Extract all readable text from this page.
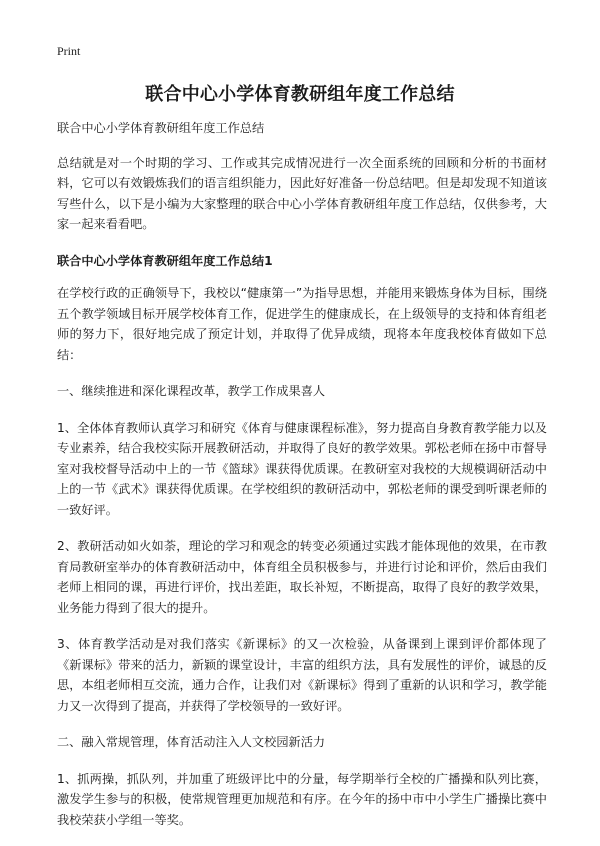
Print

联合中心小学体育教研组年度工作总结

联合中心小学体育教研组年度工作总结

总结就是对一个时期的学习、工作或其完成情况进行一次全面系统的回顾和分析的书面材料，它可以有效锻炼我们的语言组织能力，因此好好准备一份总结吧。但是却发现不知道该写些什么，以下是小编为大家整理的联合中心小学体育教研组年度工作总结，仅供参考，大家一起来看看吧。

联合中心小学体育教研组年度工作总结1

在学校行政的正确领导下，我校以“健康第一”为指导思想，并能用来锻炼身体为目标，围绕五个教学领域目标开展学校体育工作，促进学生的健康成长，在上级领导的支持和体育组老师的努力下，很好地完成了预定计划，并取得了优异成绩，现将本年度我校体育做如下总结：

一、继续推进和深化课程改革，教学工作成果喜人

1、全体体育教师认真学习和研究《体育与健康课程标准》，努力提高自身教育教学能力以及专业素养，结合我校实际开展教研活动，并取得了良好的教学效果。郭松老师在扬中市督导室对我校督导活动中上的一节《篮球》课获得优质课。在教研室对我校的大规模调研活动中上的一节《武术》课获得优质课。在学校组织的教研活动中，郭松老师的课受到听课老师的一致好评。

2、教研活动如火如荼，理论的学习和观念的转变必须通过实践才能体现他的效果，在市教育局教研室举办的体育教研活动中，体育组全员积极参与，并进行讨论和评价，然后由我们老师上相同的课，再进行评价，找出差距，取长补短，不断提高，取得了良好的教学效果，业务能力得到了很大的提升。

3、体育教学活动是对我们落实《新课标》的又一次检验，从备课到上课到评价都体现了《新课标》带来的活力，新颖的课堂设计，丰富的组织方法，具有发展性的评价，诚恳的反思，本组老师相互交流，通力合作，让我们对《新课标》得到了重新的认识和学习，教学能力又一次得到了提高，并获得了学校领导的一致好评。

二、融入常规管理，体育活动注入人文校园新活力

1、抓两操，抓队列，并加重了班级评比中的分量，每学期举行全校的广播操和队列比赛，激发学生参与的积极，使常规管理更加规范和有序。在今年的扬中市中小学生广播操比赛中我校荣获小学组一等奖。
